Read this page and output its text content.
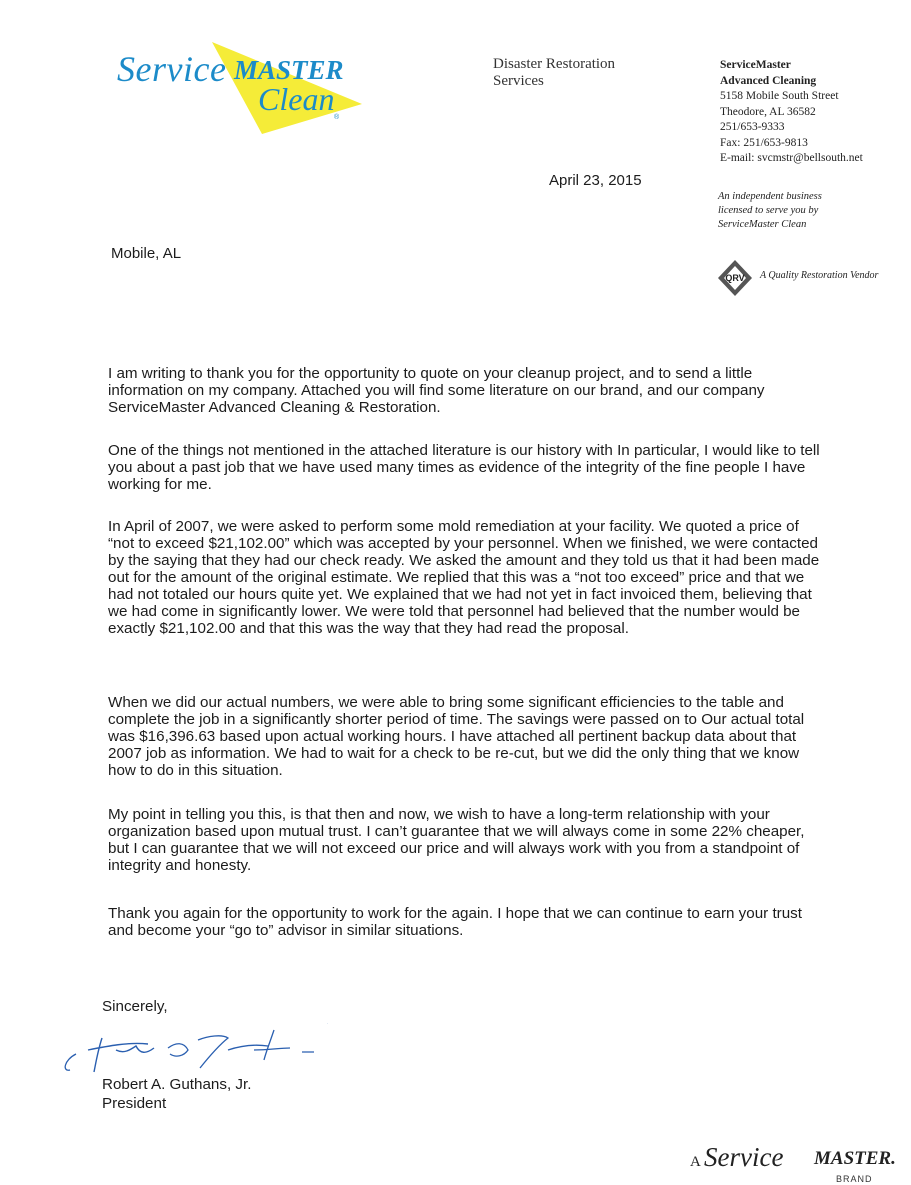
Service MASTER
Clean
®
Disaster Restoration
Services
ServiceMaster
Advanced Cleaning
5158 Mobile South Street
Theodore, AL 36582
251/653-9333
Fax: 251/653-9813
E-mail: svcmstr@bellsouth.net
An independent business
licensed to serve you by
ServiceMaster Clean
QRV A Quality Restoration Vendor
April 23, 2015
Mobile, AL
I am writing to thank you for the opportunity to quote on your cleanup project, and to send a little information on my company. Attached you will find some literature on our brand, and our company ServiceMaster Advanced Cleaning & Restoration.
One of the things not mentioned in the attached literature is our history with In particular, I would like to tell you about a past job that we have used many times as evidence of the integrity of the fine people I have working for me.
In April of 2007, we were asked to perform some mold remediation at your facility. We quoted a price of “not to exceed $21,102.00” which was accepted by your personnel. When we finished, we were contacted by the saying that they had our check ready. We asked the amount and they told us that it had been made out for the amount of the original estimate. We replied that this was a “not too exceed” price and that we had not totaled our hours quite yet. We explained that we had not yet in fact invoiced them, believing that we had come in significantly lower. We were told that personnel had believed that the number would be exactly $21,102.00 and that this was the way that they had read the proposal.
When we did our actual numbers, we were able to bring some significant efficiencies to the table and complete the job in a significantly shorter period of time. The savings were passed on to Our actual total was $16,396.63 based upon actual working hours. I have attached all pertinent backup data about that 2007 job as information. We had to wait for a check to be re-cut, but we did the only thing that we know how to do in this situation.
My point in telling you this, is that then and now, we wish to have a long-term relationship with your organization based upon mutual trust. I can’t guarantee that we will always come in some 22% cheaper, but I can guarantee that we will not exceed our price and will always work with you from a standpoint of integrity and honesty.
Thank you again for the opportunity to work for the again. I hope that we can continue to earn your trust and become your “go to” advisor in similar situations.
Sincerely,
Robert A. Guthans, Jr.
President
A Service MASTER.
BRAND
